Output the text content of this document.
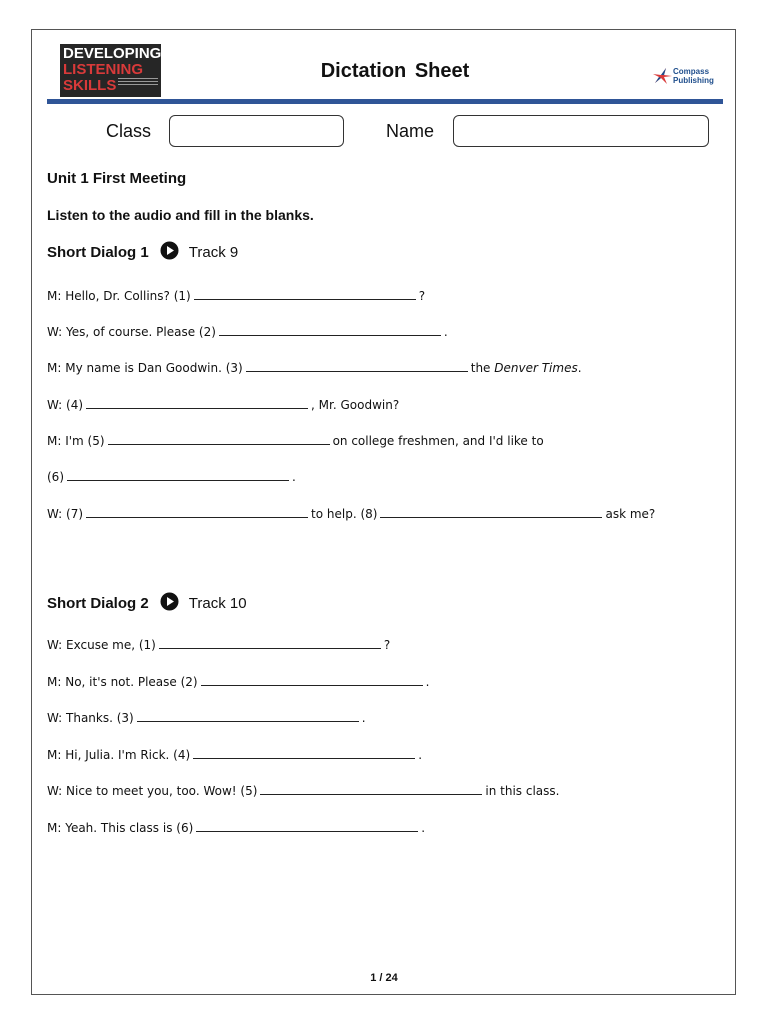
DEVELOPING
LISTENING
SKILLS
Dictation Sheet	Compass
Publishing
Class	Name
Unit 1 First Meeting
Listen to the audio and fill in the blanks.
Short Dialog 1	Track 9
M: Hello, Dr. Collins? (1)	?
W: Yes, of course. Please (2)	.
M: My name is Dan Goodwin. (3)	the Denver Times.
W: (4)	, Mr. Goodwin?
M: I'm (5)	on college freshmen, and I'd like to
(6)	.
W: (7)	to help. (8)	ask me?
Short Dialog 2	Track 10
W: Excuse me, (1)	?
M: No, it's not. Please (2)	.
W: Thanks. (3)	.
M: Hi, Julia. I'm Rick. (4)	.
W: Nice to meet you, too. Wow! (5)	in this class.
M: Yeah. This class is (6)	.
1 / 24
